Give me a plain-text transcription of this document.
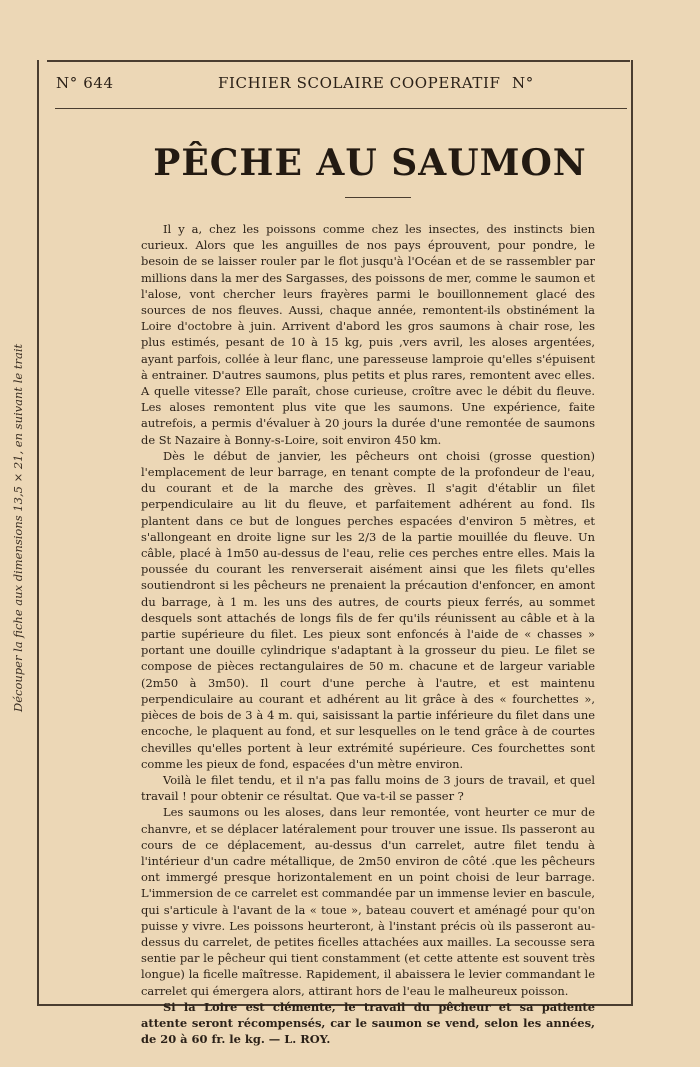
N° 644	FICHIER SCOLAIRE COOPERATIF N°
PÊCHE AU SAUMON
Découper la fiche aux dimensions 13,5 × 21, en suivant le trait

Il y a, chez les poissons comme chez les insectes, des instincts bien curieux. Alors que les anguilles de nos pays éprouvent, pour pondre, le besoin de se laisser rouler par le flot jusqu'à l'Océan et de se rassembler par millions dans la mer des Sargasses, des poissons de mer, comme le saumon et l'alose, vont chercher leurs frayères parmi le bouillonnement glacé des sources de nos fleuves. Aussi, chaque année, remontent-ils obstinément la Loire d'octobre à juin. Arrivent d'abord les gros saumons à chair rose, les plus estimés, pesant de 10 à 15 kg, puis ,vers avril, les aloses argentées, ayant parfois, collée à leur flanc, une paresseuse lamproie qu'elles s'épuisent à entrainer. D'autres saumons, plus petits et plus rares, remontent avec elles. A quelle vitesse? Elle paraît, chose curieuse, croître avec le débit du fleuve. Les aloses remontent plus vite que les saumons. Une expérience, faite autrefois, a permis d'évaluer à 20 jours la durée d'une remontée de saumons de St Nazaire à Bonny-s-Loire, soit environ 450 km.

Dès le début de janvier, les pêcheurs ont choisi (grosse question) l'emplacement de leur barrage, en tenant compte de la profondeur de l'eau, du courant et de la marche des grèves. Il s'agit d'établir un filet perpendiculaire au lit du fleuve, et parfaitement adhérent au fond. Ils plantent dans ce but de longues perches espacées d'environ 5 mètres, et s'allongeant en droite ligne sur les 2/3 de la partie mouillée du fleuve. Un câble, placé à 1m50 au-dessus de l'eau, relie ces perches entre elles. Mais la poussée du courant les renverserait aisément ainsi que les filets qu'elles soutiendront si les pêcheurs ne prenaient la précaution d'enfoncer, en amont du barrage, à 1 m. les uns des autres, de courts pieux ferrés, au sommet desquels sont attachés de longs fils de fer qu'ils réunissent au câble et à la partie supérieure du filet. Les pieux sont enfoncés à l'aide de « chasses » portant une douille cylindrique s'adaptant à la grosseur du pieu. Le filet se compose de pièces rectangulaires de 50 m. chacune et de largeur variable (2m50 à 3m50). Il court d'une perche à l'autre, et est maintenu perpendiculaire au courant et adhérent au lit grâce à des « fourchettes », pièces de bois de 3 à 4 m. qui, saisissant la partie inférieure du filet dans une encoche, le plaquent au fond, et sur lesquelles on le tend grâce à de courtes chevilles qu'elles portent à leur extrémité supérieure. Ces fourchettes sont comme les pieux de fond, espacées d'un mètre environ.

Voilà le filet tendu, et il n'a pas fallu moins de 3 jours de travail, et quel travail ! pour obtenir ce résultat. Que va-t-il se passer ?

Les saumons ou les aloses, dans leur remontée, vont heurter ce mur de chanvre, et se déplacer latéralement pour trouver une issue. Ils passeront au cours de ce déplacement, au-dessus d'un carrelet, autre filet tendu à l'intérieur d'un cadre métallique, de 2m50 environ de côté .que les pêcheurs ont immergé presque horizontalement en un point choisi de leur barrage. L'immersion de ce carrelet est commandée par un immense levier en bascule, qui s'articule à l'avant de la « toue », bateau couvert et aménagé pour qu'on puisse y vivre. Les poissons heurteront, à l'instant précis où ils passeront au-dessus du carrelet, de petites ficelles attachées aux mailles. La secousse sera sentie par le pêcheur qui tient constamment (et cette attente est souvent très longue) la ficelle maîtresse. Rapidement, il abaissera le levier commandant le carrelet qui émergera alors, attirant hors de l'eau le malheureux poisson.

Si la Loire est clémente, le travail du pêcheur et sa patiente attente seront récompensés, car le saumon se vend, selon les années, de 20 à 60 fr. le kg. — L. ROY.
